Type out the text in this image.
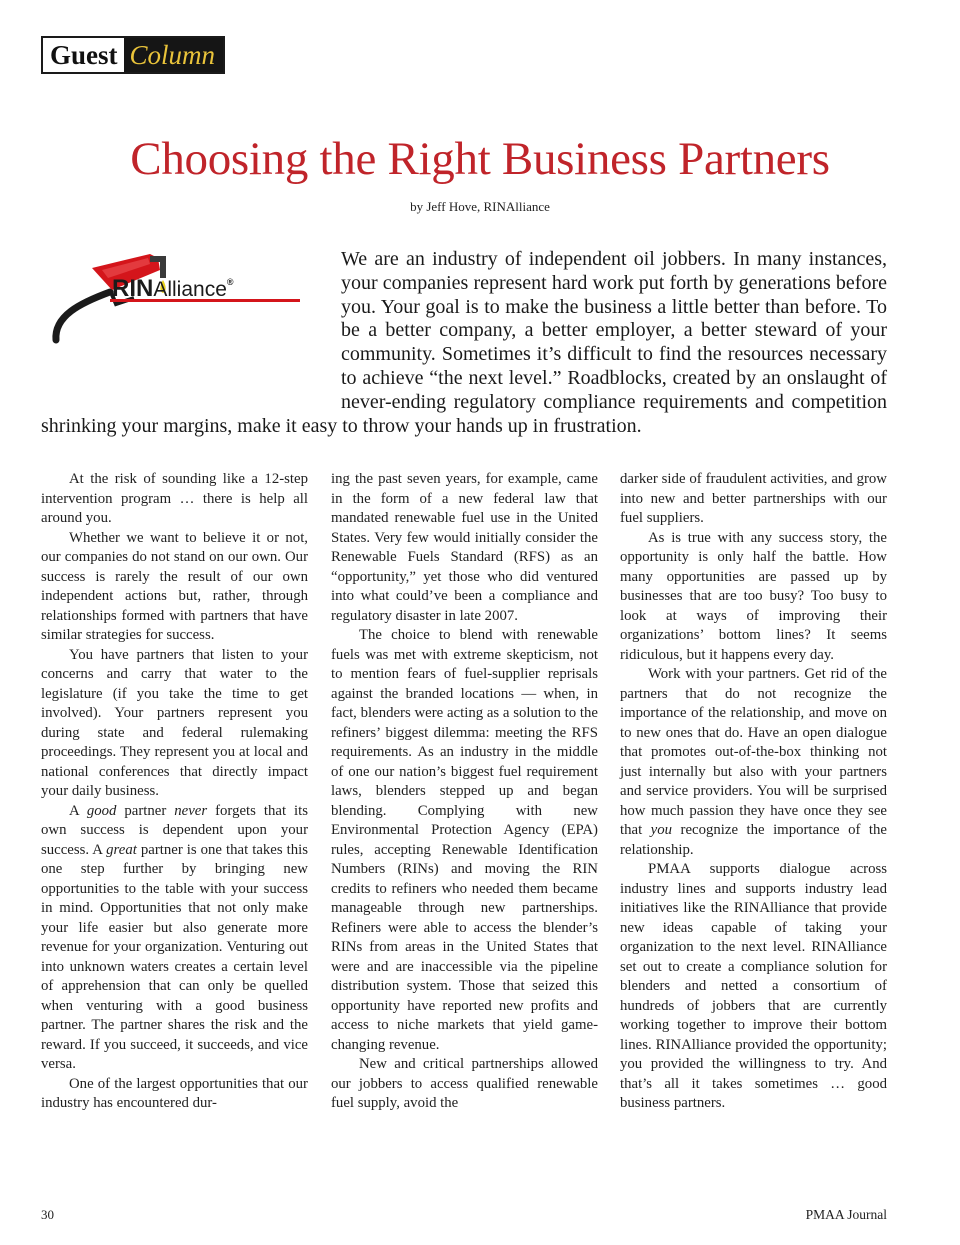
Guest Column
Choosing the Right Business Partners
by Jeff Hove, RINAlliance
RINAlliance®

We are an industry of independent oil jobbers. In many instances, your companies represent hard work put forth by generations before you. Your goal is to make the business a little better than before. To be a better company, a better employer, a better steward of your community. Sometimes it’s difficult to find the resources necessary to achieve “the next level.” Roadblocks, created by an onslaught of never-ending regulatory compliance requirements and competition shrinking your margins, make it easy to throw your hands up in frustration.

At the risk of sounding like a 12-step intervention program … there is help all around you.

Whether we want to believe it or not, our companies do not stand on our own. Our success is rarely the result of our own independent actions but, rather, through relationships formed with partners that have similar strategies for success.

You have partners that listen to your concerns and carry that water to the legislature (if you take the time to get involved). Your partners represent you during state and federal rulemaking proceedings. They represent you at local and national conferences that directly impact your daily business.

A good partner never forgets that its own success is dependent upon your success. A great partner is one that takes this one step further by bringing new opportunities to the table with your success in mind. Opportunities that not only make your life easier but also generate more revenue for your organization. Venturing out into unknown waters creates a certain level of apprehension that can only be quelled when venturing with a good business partner. The partner shares the risk and the reward. If you succeed, it succeeds, and vice versa.

One of the largest opportunities that our industry has encountered dur-

ing the past seven years, for example, came in the form of a new federal law that mandated renewable fuel use in the United States. Very few would initially consider the Renewable Fuels Standard (RFS) as an “opportunity,” yet those who did ventured into what could’ve been a compliance and regulatory disaster in late 2007.

The choice to blend with renewable fuels was met with extreme skepticism, not to mention fears of fuel-supplier reprisals against the branded locations — when, in fact, blenders were acting as a solution to the refiners’ biggest dilemma: meeting the RFS requirements. As an industry in the middle of one our nation’s biggest fuel requirement laws, blenders stepped up and began blending. Complying with new Environmental Protection Agency (EPA) rules, accepting Renewable Identification Numbers (RINs) and moving the RIN credits to refiners who needed them became manageable through new partnerships. Refiners were able to access the blender’s RINs from areas in the United States that were and are inaccessible via the pipeline distribution system. Those that seized this opportunity have reported new profits and access to niche markets that yield game-changing revenue.

New and critical partnerships allowed our jobbers to access qualified renewable fuel supply, avoid the

darker side of fraudulent activities, and grow into new and better partnerships with our fuel suppliers.

As is true with any success story, the opportunity is only half the battle. How many opportunities are passed up by businesses that are too busy? Too busy to look at ways of improving their organizations’ bottom lines? It seems ridiculous, but it happens every day.

Work with your partners. Get rid of the partners that do not recognize the importance of the relationship, and move on to new ones that do. Have an open dialogue that promotes out-of-the-box thinking not just internally but also with your partners and service providers. You will be surprised how much passion they have once they see that you recognize the importance of the relationship.

PMAA supports dialogue across industry lines and supports industry lead initiatives like the RINAlliance that provide new ideas capable of taking your organization to the next level. RINAlliance set out to create a compliance solution for blenders and netted a consortium of hundreds of jobbers that are currently working together to improve their bottom lines. RINAlliance provided the opportunity; you provided the willingness to try. And that’s all it takes sometimes … good business partners.

30	PMAA Journal
